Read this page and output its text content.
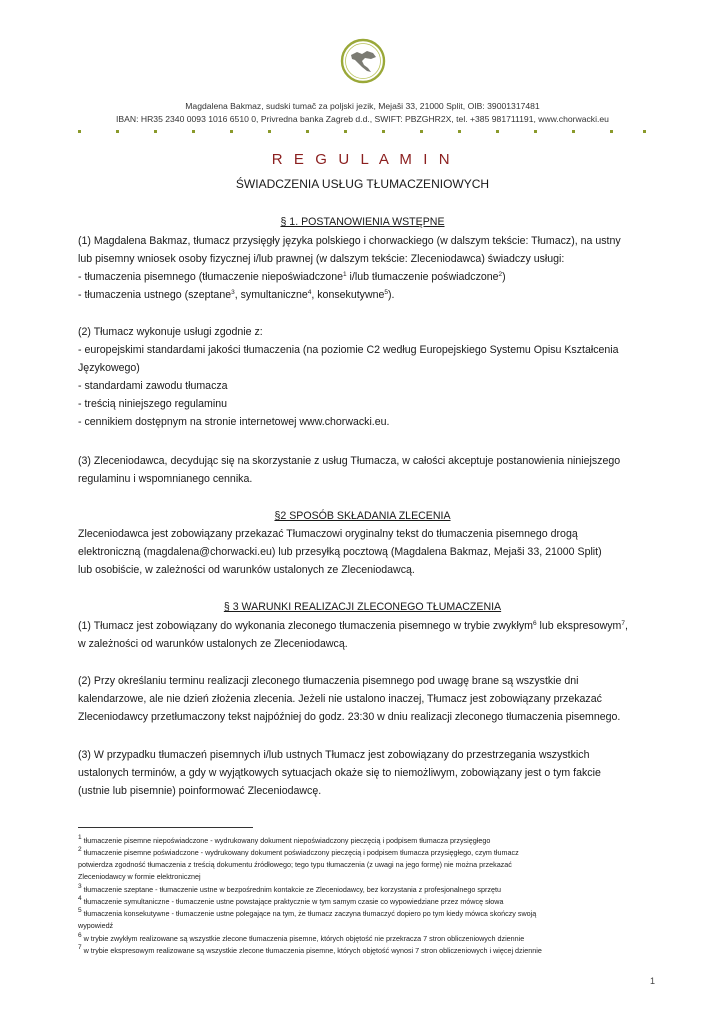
Magdalena Bakmaz, sudski tumač za poljski jezik, Mejaši 33, 21000 Split, OIB: 39001317481
IBAN: HR35 2340 0093 1016 6510 0, Privredna banka Zagreb d.d., SWIFT: PBZGHR2X, tel. +385 981711191, www.chorwacki.eu
R E G U L A M I N
ŚWIADCZENIA USŁUG TŁUMACZENIOWYCH
§ 1. POSTANOWIENIA WSTĘPNE
(1) Magdalena Bakmaz, tłumacz przysięgły języka polskiego i chorwackiego (w dalszym tekście: Tłumacz), na ustny
lub pisemny wniosek osoby fizycznej i/lub prawnej (w dalszym tekście: Zleceniodawca) świadczy usługi:
- tłumaczenia pisemnego (tłumaczenie niepoświadczone$^1$ i/lub tłumaczenie poświadczone$^2$)
- tłumaczenia ustnego (szeptane$^3$, symultaniczne$^4$, konsekutywne$^5$).
(2) Tłumacz wykonuje usługi zgodnie z:
- europejskimi standardami jakości tłumaczenia (na poziomie C2 według Europejskiego Systemu Opisu Kształcenia
Językowego)
- standardami zawodu tłumacza
- treścią niniejszego regulaminu
- cennikiem dostępnym na stronie internetowej www.chorwacki.eu.
(3) Zleceniodawca, decydując się na skorzystanie z usług Tłumacza, w całości akceptuje postanowienia niniejszego
regulaminu i wspomnianego cennika.
§2 SPOSÓB SKŁADANIA ZLECENIA
Zleceniodawca jest zobowiązany przekazać Tłumaczowi oryginalny tekst do tłumaczenia pisemnego drogą
elektroniczną (magdalena@chorwacki.eu) lub przesyłką pocztową (Magdalena Bakmaz, Mejaši 33, 21000 Split)
lub osobiście, w zależności od warunków ustalonych ze Zleceniodawcą.
§ 3 WARUNKI REALIZACJI ZLECONEGO TŁUMACZENIA
(1) Tłumacz jest zobowiązany do wykonania zleconego tłumaczenia pisemnego w trybie zwykłym$^6$ lub ekspresowym$^7$,
w zależności od warunków ustalonych ze Zleceniodawcą.
(2) Przy określaniu terminu realizacji zleconego tłumaczenia pisemnego pod uwagę brane są wszystkie dni
kalendarzowe, ale nie dzień złożenia zlecenia. Jeżeli nie ustalono inaczej, Tłumacz jest zobowiązany przekazać
Zleceniodawcy przetłumaczony tekst najpóźniej do godz. 23:30 w dniu realizacji zleconego tłumaczenia pisemnego.
(3) W przypadku tłumaczeń pisemnych i/lub ustnych Tłumacz jest zobowiązany do przestrzegania wszystkich
ustalonych terminów, a gdy w wyjątkowych sytuacjach okaże się to niemożliwym, zobowiązany jest o tym fakcie
(ustnie lub pisemnie) poinformować Zleceniodawcę.
$^1$ tłumaczenie pisemne niepoświadczone - wydrukowany dokument niepoświadczony pieczęcią i podpisem tłumacza przysięgłego
$^2$ tłumaczenie pisemne poświadczone - wydrukowany dokument poświadczony pieczęcią i podpisem tłumacza przysięgłego, czym tłumacz
potwierdza zgodność tłumaczenia z treścią dokumentu źródłowego; tego typu tłumaczenia (z uwagi na jego formę) nie można przekazać
Zleceniodawcy w formie elektronicznej
$^3$ tłumaczenie szeptane - tłumaczenie ustne w bezpośrednim kontakcie ze Zleceniodawcy, bez korzystania z profesjonalnego sprzętu
$^4$ tłumaczenie symultaniczne - tłumaczenie ustne powstające praktycznie w tym samym czasie co wypowiedziane przez mówcę słowa
$^5$ tłumaczenia konsekutywne - tłumaczenie ustne polegające na tym, że tłumacz zaczyna tłumaczyć dopiero po tym kiedy mówca skończy swoją
wypowiedź
$^6$ w trybie zwykłym realizowane są wszystkie zlecone tłumaczenia pisemne, których objętość nie przekracza 7 stron obliczeniowych dziennie
$^7$ w trybie ekspresowym realizowane są wszystkie zlecone tłumaczenia pisemne, których objętość wynosi 7 stron obliczeniowych i więcej dziennie
1
